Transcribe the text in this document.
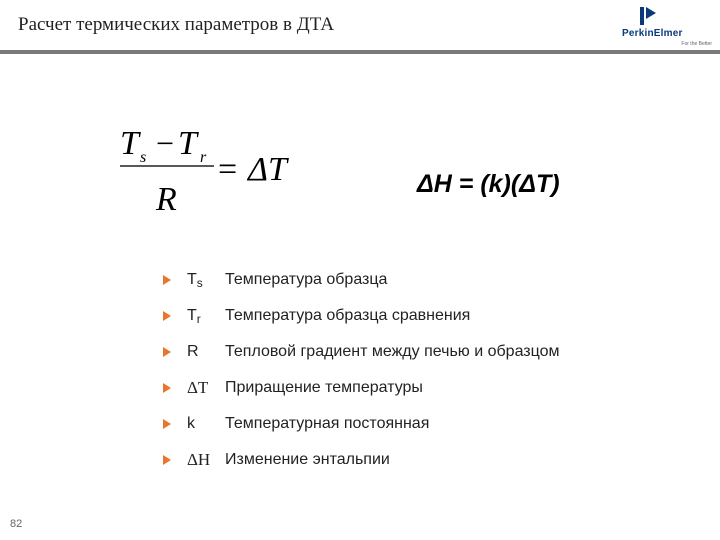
Расчет термических параметров в ДТА	PerkinElmer
For the Better
T s − T r
R
= ΔT	ΔH = (k)(ΔT)
$T_s$	Температура образца
$T_r$	Температура образца сравнения
R	Тепловой градиент между печью и образцом
ΔT	Приращение температуры
k	Температурная постоянная
ΔH Изменение энтальпии
82
